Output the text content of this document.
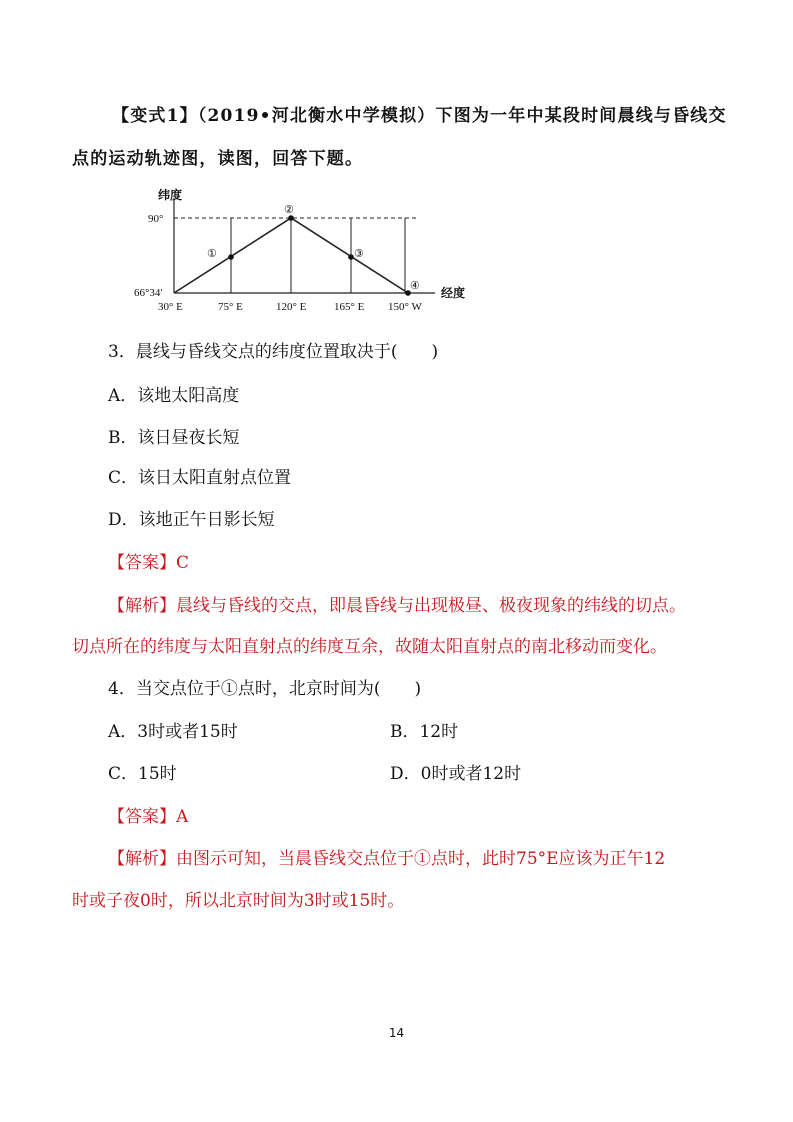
【变式1】（2019•河北衡水中学模拟）下图为一年中某段时间晨线与昏线交
点的运动轨迹图，读图，回答下题。
纬度
90°
66°34′
①
②
③
④
30° E	75° E	120° E	165° E 150° W
经度
3．晨线与昏线交点的纬度位置取决于(　　)
A．该地太阳高度
B．该日昼夜长短
C．该日太阳直射点位置
D．该地正午日影长短
【答案】C
【解析】晨线与昏线的交点，即晨昏线与出现极昼、极夜现象的纬线的切点。
切点所在的纬度与太阳直射点的纬度互余，故随太阳直射点的南北移动而变化。
4．当交点位于①点时，北京时间为(　　)
A．3时或者15时	B．12时
C．15时	D．0时或者12时
【答案】A
【解析】由图示可知，当晨昏线交点位于①点时，此时75°E应该为正午12
时或子夜0时，所以北京时间为3时或15时。
14
